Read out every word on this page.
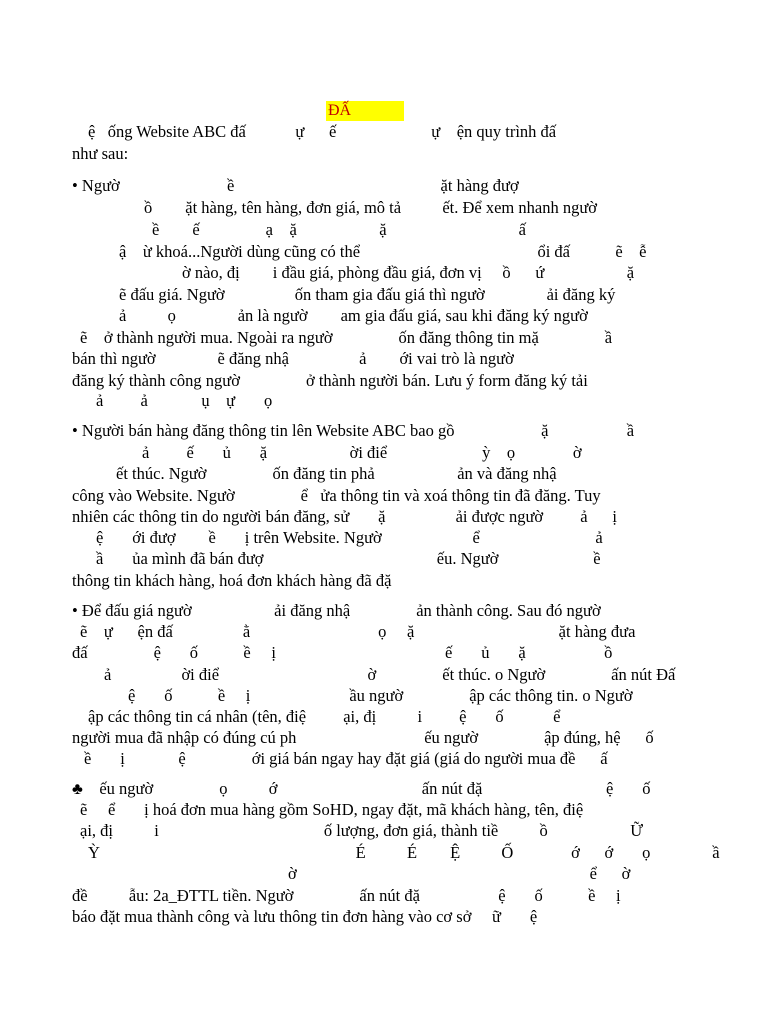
ĐẤ
ệ   ống Website ABC đấ            ự      ế                       ự    ện quy trình đấ
như sau:
• Ngườ                          ề                                                  ặt hàng đượ
ồ        ặt hàng, tên hàng, đơn giá, mô tả          ết. Để xem nhanh ngườ
ề        ế                ạ    ặ                    ặ                                ấ
ậ    ừ khoá...Người dùng cũng có thể                                           ổi đấ           ẽ    ễ
ờ nào, đị        i đầu giá, phòng đầu giá, đơn vị     ồ      ứ                    ặ
ẽ đấu giá. Ngườ                 ốn tham gia đấu giá thì ngườ               ải đăng ký
ả          ọ               ản là ngườ        am gia đấu giá, sau khi đăng ký ngườ
ẽ    ở thành người mua. Ngoài ra ngườ                ốn đăng thông tin mặ                ầ
bán thì ngườ               ẽ đăng nhậ                 ả        ới vai trò là ngườ
đăng ký thành công ngườ                ở thành người bán. Lưu ý form đăng ký tải
ả         ả             ụ    ự       ọ
• Người bán hàng đăng thông tin lên Website ABC bao gồ                     ặ                   ầ
ả         ế       ủ       ặ                    ời điể                       ỳ    ọ              ờ
ết thúc. Ngườ                ốn đăng tin phả                    ản và đăng nhậ
công vào Website. Ngườ                ể   ửa thông tin và xoá thông tin đã đăng. Tuy
nhiên các thông tin do người bán đăng, sử       ặ                 ải được ngườ         ả      ị
ệ       ới đượ        ề       ị trên Website. Ngườ                      ể                            ả
ầ       ủa mình đã bán đượ                                          ếu. Ngườ                       ề
thông tin khách hàng, hoá đơn khách hàng đã đặ
• Để đấu giá ngườ                    ải đăng nhậ                ản thành công. Sau đó ngườ
ẽ    ự      ện đấ                 ằ                               ọ     ặ                                   ặt hàng đưa
đấ                ệ       ố           ề     ị                                         ế       ủ       ặ                   ồ
ả                 ời điể                                    ờ                ết thúc. o Ngườ                ấn nút Đấ
ệ       ố           ề     ị                        ầu ngườ                ập các thông tin. o Ngườ
ập các thông tin cá nhân (tên, điệ         ại, đị          i         ệ       ố            ể
người mua đã nhập có đúng cú ph                               ếu ngườ                ập đúng, hệ      ố
ề       ị             ệ                ới giá bán ngay hay đặt giá (giá do người mua đề      ấ
♣    ếu ngườ                ọ          ớ                                   ấn nút đặ                              ệ       ố
ẽ     ể       ị hoá đơn mua hàng gồm SoHD, ngay đặt, mã khách hàng, tên, điệ
ại, đị          i                                        ố lượng, đơn giá, thành tiề          ồ                    Ữ
Ỳ                                                              É          É        Ệ          Ố              ớ      ớ       ọ               ầ
ờ                                                                       ể      ờ
đề          ẫu: 2a_ĐTTL tiền. Ngườ                ấn nút đặ                   ệ       ố           ề     ị
báo đặt mua thành công và lưu thông tin đơn hàng vào cơ sở     ữ       ệ
